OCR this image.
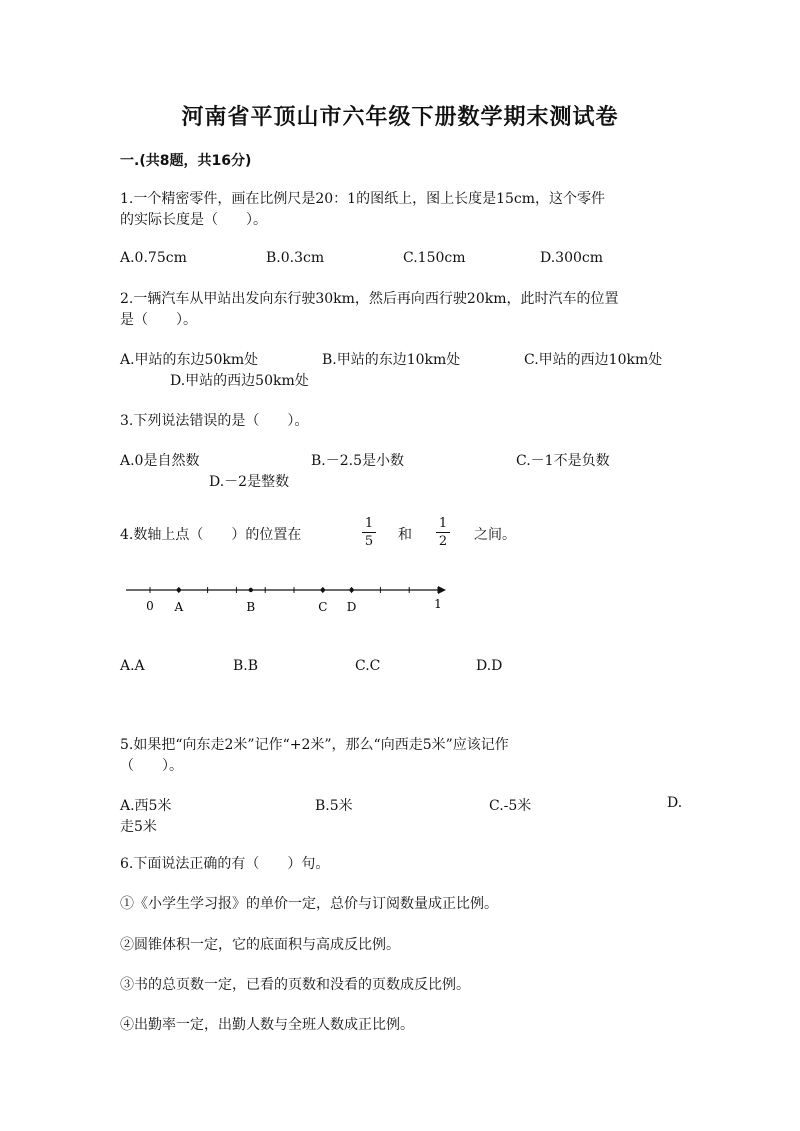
河南省平顶山市六年级下册数学期末测试卷
一.(共8题，共16分)
1.一个精密零件，画在比例尺是20：1的图纸上，图上长度是15cm，这个零件
的实际长度是（　　）。
A.0.75cm	B.0.3cm	C.150cm	D.300cm
2.一辆汽车从甲站出发向东行驶30km，然后再向西行驶20km，此时汽车的位置
是（　　）。
A.甲站的东边50km处	B.甲站的东边10km处	C.甲站的西边10km处
D.甲站的西边50km处
3.下列说法错误的是（　　）。
A.0是自然数	B.－2.5是小数	C.－1不是负数
D.－2是整数
4.数轴上点（　　）的位置在	$\frac{1}{5}$ 和 $\frac{1}{2}$ 之间。
A	B	C D
0	1
A.A	B.B	C.C	D.D
5.如果把“向东走2米”记作“+2米”，那么“向西走5米”应该记作
（　　）。
A.西5米	B.5米	C.-5米	D.
走5米
6.下面说法正确的有（　　）句。
①《小学生学习报》的单价一定，总价与订阅数量成正比例。
②圆锥体积一定，它的底面积与高成反比例。
③书的总页数一定，已看的页数和没看的页数成反比例。
④出勤率一定，出勤人数与全班人数成正比例。
